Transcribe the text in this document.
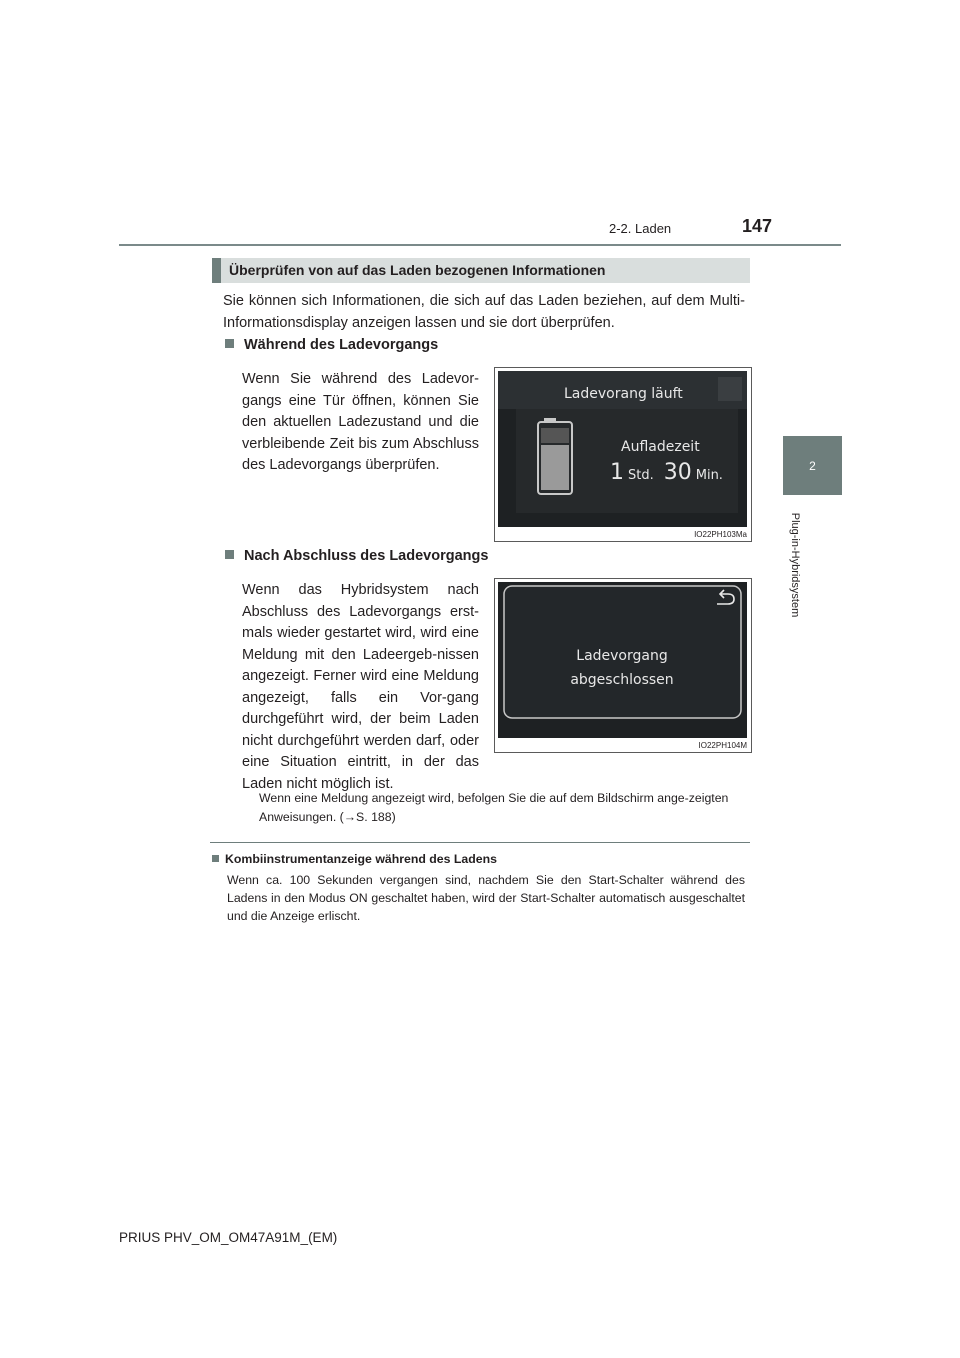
2-2. Laden	147
2
Plug-in-Hybridsystem
Überprüfen von auf das Laden bezogenen Informationen
Sie können sich Informationen, die sich auf das Laden beziehen, auf dem Multi-Informationsdisplay anzeigen lassen und sie dort überprüfen.
Während des Ladevorgangs
Wenn Sie während des Ladevor-gangs eine Tür öffnen, können Sie den aktuellen Ladezustand und die verbleibende Zeit bis zum Abschluss des Ladevorgangs überprüfen.
Ladevorang läuft
Aufladezeit
1 Std. 30 Min.
IO22PH103Ma
Nach Abschluss des Ladevorgangs
Wenn das Hybridsystem nach Abschluss des Ladevorgangs erst-mals wieder gestartet wird, wird eine Meldung mit den Ladeergeb-nissen angezeigt. Ferner wird eine Meldung angezeigt, falls ein Vor-gang durchgeführt wird, der beim Laden nicht durchgeführt werden darf, oder eine Situation eintritt, in der das Laden nicht möglich ist.
Ladevorgang
abgeschlossen
IO22PH104M
Wenn eine Meldung angezeigt wird, befolgen Sie die auf dem Bildschirm ange-zeigten Anweisungen. (→S. 188)
Kombiinstrumentanzeige während des Ladens
Wenn ca. 100 Sekunden vergangen sind, nachdem Sie den Start-Schalter während des Ladens in den Modus ON geschaltet haben, wird der Start-Schalter automatisch ausgeschaltet und die Anzeige erlischt.
PRIUS PHV_OM_OM47A91M_(EM)
